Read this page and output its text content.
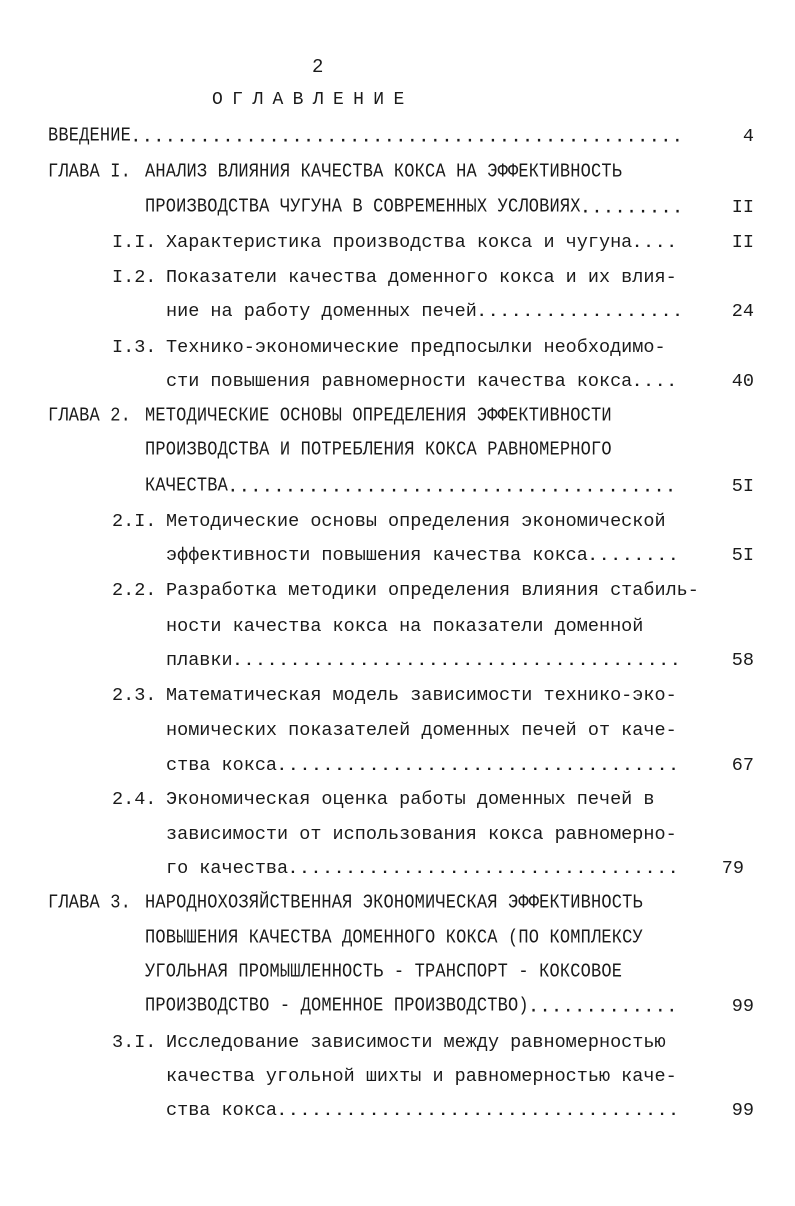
2
ОГЛАВЛЕНИЕ
ВВЕДЕНИЕ .....	4
ГЛАВА I. АНАЛИЗ ВЛИЯНИЯ КАЧЕСТВА КОКСА НА ЭФФЕКТИВНОСТЬ
ПРОИЗВОДСТВА ЧУГУНА В СОВРЕМЕННЫХ УСЛОВИЯХ .....	II
I.I. Характеристика производства кокса и чугуна .....	II
I.2. Показатели качества доменного кокса и их влия-
ние на работу доменных печей .....	24
I.3. Технико-экономические предпосылки необходимо-
сти повышения равномерности качества кокса .....	40
ГЛАВА 2. МЕТОДИЧЕСКИЕ ОСНОВЫ ОПРЕДЕЛЕНИЯ ЭФФЕКТИВНОСТИ
ПРОИЗВОДСТВА И ПОТРЕБЛЕНИЯ КОКСА РАВНОМЕРНОГО
КАЧЕСТВА .....	5I
2.I. Методические основы определения экономической
эффективности повышения качества кокса .....	5I
2.2. Разработка методики определения влияния стабиль-
ности качества кокса на показатели доменной
плавки .....	58
2.3. Математическая модель зависимости технико-эко-
номических показателей доменных печей от каче-
ства кокса .....	67
2.4. Экономическая оценка работы доменных печей в
зависимости от использования кокса равномерно-
го качества .....	79
ГЛАВА 3. НАРОДНОХОЗЯЙСТВЕННАЯ ЭКОНОМИЧЕСКАЯ ЭФФЕКТИВНОСТЬ
ПОВЫШЕНИЯ КАЧЕСТВА ДОМЕННОГО КОКСА (ПО КОМПЛЕКСУ
УГОЛЬНАЯ ПРОМЫШЛЕННОСТЬ - ТРАНСПОРТ - КОКСОВОЕ
ПРОИЗВОДСТВО - ДОМЕННОЕ ПРОИЗВОДСТВО) .....	99
3.I. Исследование зависимости между равномерностью
качества угольной шихты и равномерностью каче-
ства кокса .....	99
